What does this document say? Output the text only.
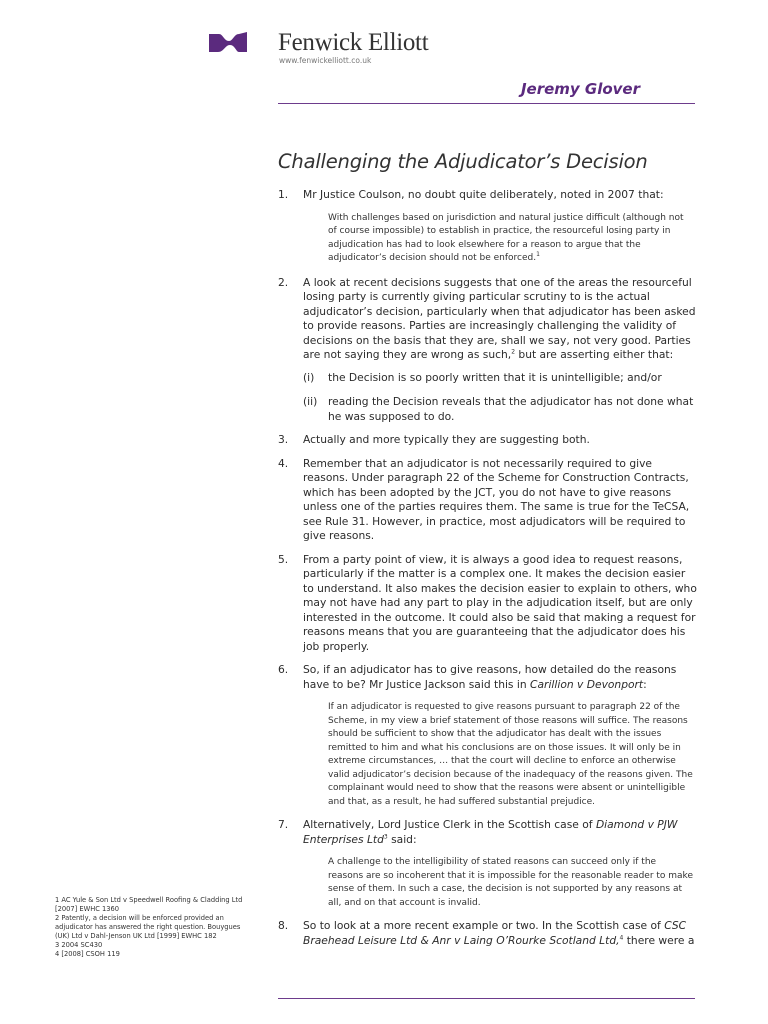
Fenwick Elliott
www.fenwickelliott.co.uk
Jeremy Glover
Challenging the Adjudicator’s Decision
1.	Mr Justice Coulson, no doubt quite deliberately, noted in 2007 that:
With challenges based on jurisdiction and natural justice difficult (although not of course impossible) to establish in practice, the resourceful losing party in adjudication has had to look elsewhere for a reason to argue that the adjudicator’s decision should not be enforced.$^1$
2.	A look at recent decisions suggests that one of the areas the resourceful losing party is currently giving particular scrutiny to is the actual adjudicator’s decision, particularly when that adjudicator has been asked to provide reasons. Parties are increasingly challenging the validity of decisions on the basis that they are, shall we say, not very good. Parties are not saying they are wrong as such,$^2$ but are asserting either that:
(i)	the Decision is so poorly written that it is unintelligible; and/or
(ii)	reading the Decision reveals that the adjudicator has not done what he was supposed to do.
3.	Actually and more typically they are suggesting both.
4.	Remember that an adjudicator is not necessarily required to give reasons. Under paragraph 22 of the Scheme for Construction Contracts, which has been adopted by the JCT, you do not have to give reasons unless one of the parties requires them. The same is true for the TeCSA, see Rule 31. However, in practice, most adjudicators will be required to give reasons.
5.	From a party point of view, it is always a good idea to request reasons, particularly if the matter is a complex one. It makes the decision easier to understand. It also makes the decision easier to explain to others, who may not have had any part to play in the adjudication itself, but are only interested in the outcome. It could also be said that making a request for reasons means that you are guaranteeing that the adjudicator does his job properly.
6.	So, if an adjudicator has to give reasons, how detailed do the reasons have to be? Mr Justice Jackson said this in Carillion v Devonport:
If an adjudicator is requested to give reasons pursuant to paragraph 22 of the Scheme, in my view a brief statement of those reasons will suffice. The reasons should be sufficient to show that the adjudicator has dealt with the issues remitted to him and what his conclusions are on those issues. It will only be in extreme circumstances, … that the court will decline to enforce an otherwise valid adjudicator’s decision because of the inadequacy of the reasons given. The complainant would need to show that the reasons were absent or unintelligible and that, as a result, he had suffered substantial prejudice.
7.	Alternatively, Lord Justice Clerk in the Scottish case of Diamond v PJW Enterprises Ltd$^3$ said:
A challenge to the intelligibility of stated reasons can succeed only if the reasons are so incoherent that it is impossible for the reasonable reader to make sense of them. In such a case, the decision is not supported by any reasons at all, and on that account is invalid.
8.	So to look at a more recent example or two. In the Scottish case of CSC Braehead Leisure Ltd & Anr v Laing O’Rourke Scotland Ltd,$^4$ there were a

1 AC Yule & Son Ltd v Speedwell Roofing & Cladding Ltd [2007] EWHC 1360

2 Patently, a decision will be enforced provided an adjudicator has answered the right question. Bouygues (UK) Ltd v Dahl-Jenson UK Ltd [1999] EWHC 182

3 2004 SC430

4 [2008] CSOH 119
